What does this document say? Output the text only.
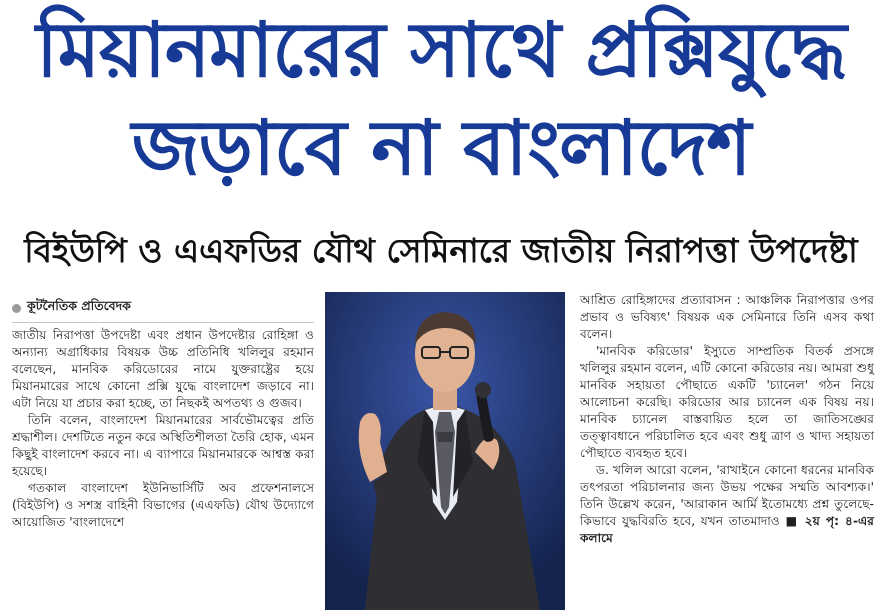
মিয়ানমারের সাথে প্রক্সিযুদ্ধে
জড়াবে না বাংলাদেশ
বিইউপি ও এএফডির যৌথ সেমিনারে জাতীয় নিরাপত্তা উপদেষ্টা
কূটনৈতিক প্রতিবেদক

জাতীয় নিরাপত্তা উপদেষ্টা এবং প্রধান উপদেষ্টার রোহিঙ্গা ও অন্যান্য অগ্রাধিকার বিষয়ক উচ্চ প্রতিনিধি খলিলুর রহমান বলেছেন, মানবিক করিডোরের নামে যুক্তরাষ্ট্রের হয়ে মিয়ানমারের সাথে কোনো প্রক্সি যুদ্ধে বাংলাদেশ জড়াবে না। এটা নিয়ে যা প্রচার করা হচ্ছে, তা নিছকই অপতথ্য ও গুজব।

তিনি বলেন, বাংলাদেশ মিয়ানমারের সার্বভৌমত্বের প্রতি শ্রদ্ধাশীল। দেশটিতে নতুন করে অস্থিতিশীলতা তৈরি হোক, এমন কিছুই বাংলাদেশ করবে না। এ ব্যাপারে মিয়ানমারকে আশ্বস্ত করা হয়েছে।

গতকাল বাংলাদেশ ইউনিভার্সিটি অব প্রফেশনালসে (বিইউপি) ও সশস্ত্র বাহিনী বিভাগের (এএফডি) যৌথ উদ্যোগে আয়োজিত 'বাংলাদেশে

আশ্রিত রোহিঙ্গাদের প্রত্যাবাসন : আঞ্চলিক নিরাপত্তার ওপর প্রভাব ও ভবিষ্যৎ' বিষয়ক এক সেমিনারে তিনি এসব কথা বলেন।

'মানবিক করিডোর' ইস্যুতে সাম্প্রতিক বিতর্ক প্রসঙ্গে খলিলুর রহমান বলেন, এটি কোনো করিডোর নয়। আমরা শুধু মানবিক সহায়তা পৌছাতে একটি 'চ্যানেল' গঠন নিয়ে আলোচনা করেছি। করিডোর আর চ্যানেল এক বিষয় নয়। মানবিক চ্যানেল বাস্তবায়িত হলে তা জাতিসঙ্ঘের তত্ত্বাবধানে পরিচালিত হবে এবং শুধু ত্রাণ ও খাদ্য সহায়তা পৌছাতে ব্যবহৃত হবে।

ড. খলিল আরো বলেন, 'রাখাইনে কোনো ধরনের মানবিক তৎপরতা পরিচালনার জন্য উভয় পক্ষের সম্মতি আবশ্যক।' তিনি উল্লেখ করেন, 'আরাকান আর্মি ইতোমধ্যে প্রশ্ন তুলেছে-কিভাবে যুদ্ধবিরতি হবে, যখন তাতমাদাও ■ ২য় পৃ: ৪-এর কলামে
